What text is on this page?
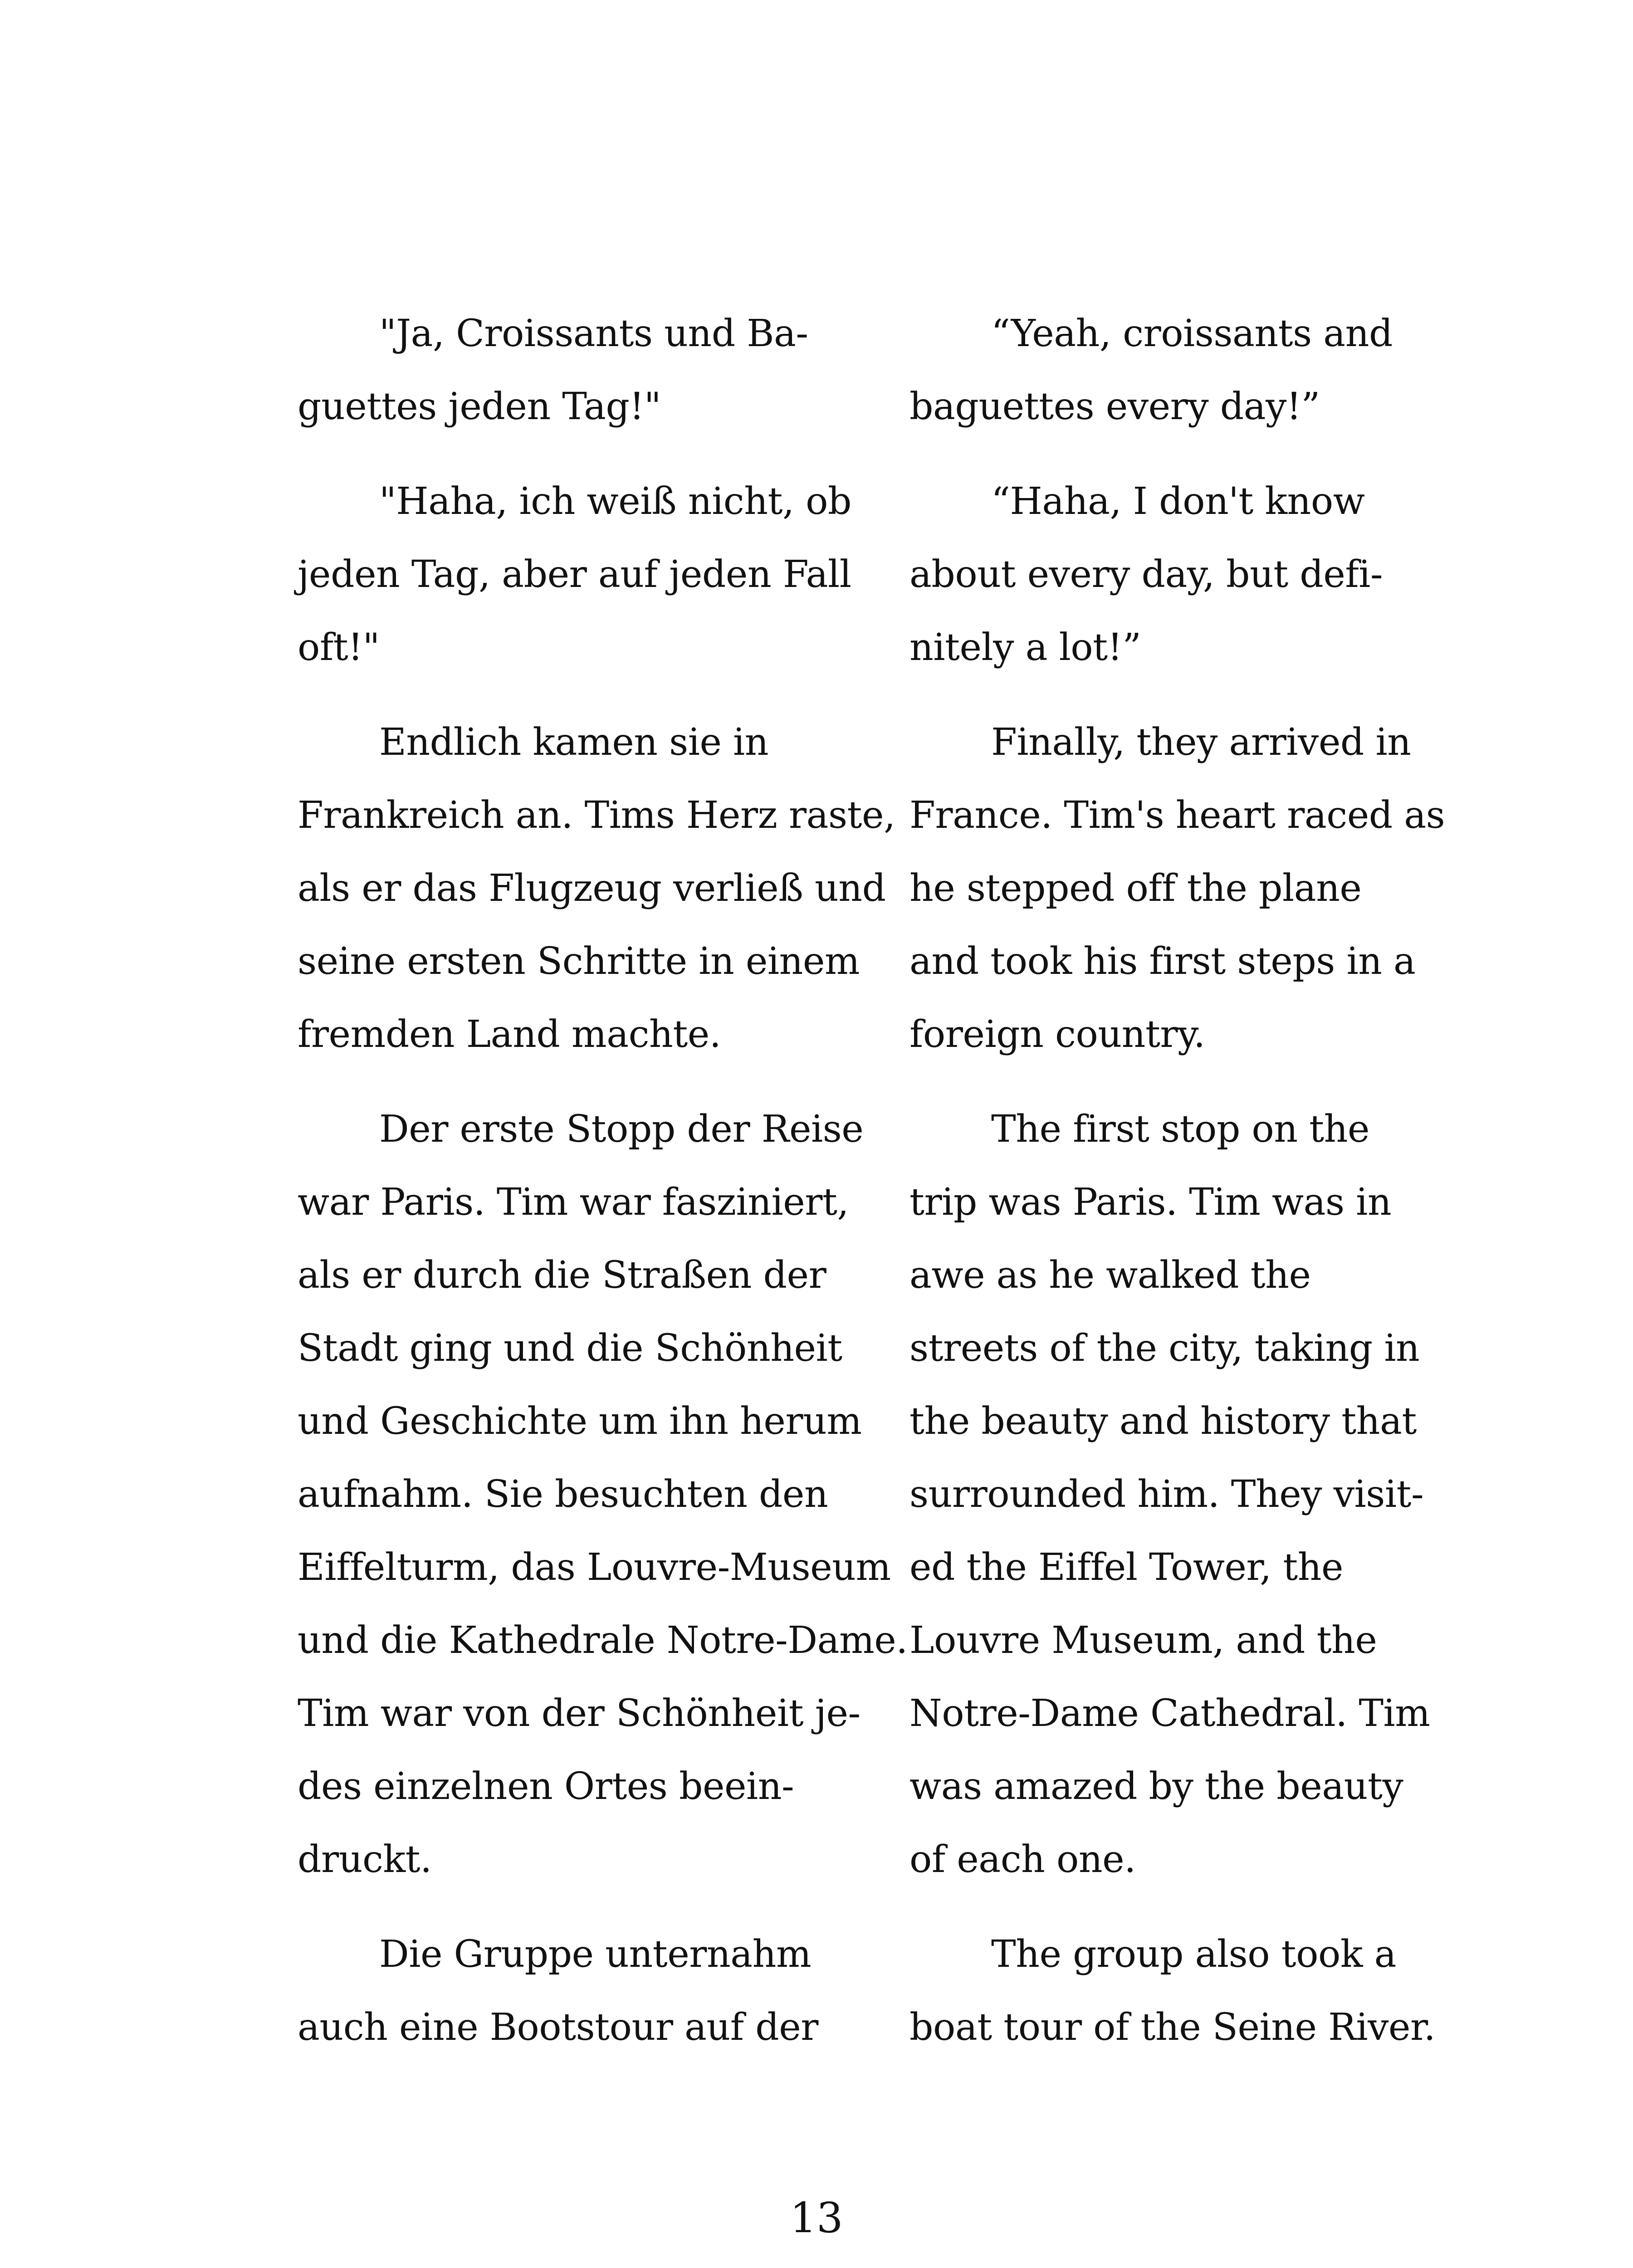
"Ja, Croissants und Ba-
guettes jeden Tag!"
"Haha, ich weiß nicht, ob
jeden Tag, aber auf jeden Fall
oft!"
Endlich kamen sie in
Frankreich an. Tims Herz raste,
als er das Flugzeug verließ und
seine ersten Schritte in einem
fremden Land machte.
Der erste Stopp der Reise
war Paris. Tim war fasziniert,
als er durch die Straßen der
Stadt ging und die Schönheit
und Geschichte um ihn herum
aufnahm. Sie besuchten den
Eiffelturm, das Louvre-Museum
und die Kathedrale Notre-Dame.
Tim war von der Schönheit je-
des einzelnen Ortes beein-
druckt.
Die Gruppe unternahm
auch eine Bootstour auf der
“Yeah, croissants and
baguettes every day!”
“Haha, I don't know
about every day, but defi-
nitely a lot!”
Finally, they arrived in
France. Tim's heart raced as
he stepped off the plane
and took his first steps in a
foreign country.
The first stop on the
trip was Paris. Tim was in
awe as he walked the
streets of the city, taking in
the beauty and history that
surrounded him. They visit-
ed the Eiffel Tower, the
Louvre Museum, and the
Notre-Dame Cathedral. Tim
was amazed by the beauty
of each one.
The group also took a
boat tour of the Seine River.
13
